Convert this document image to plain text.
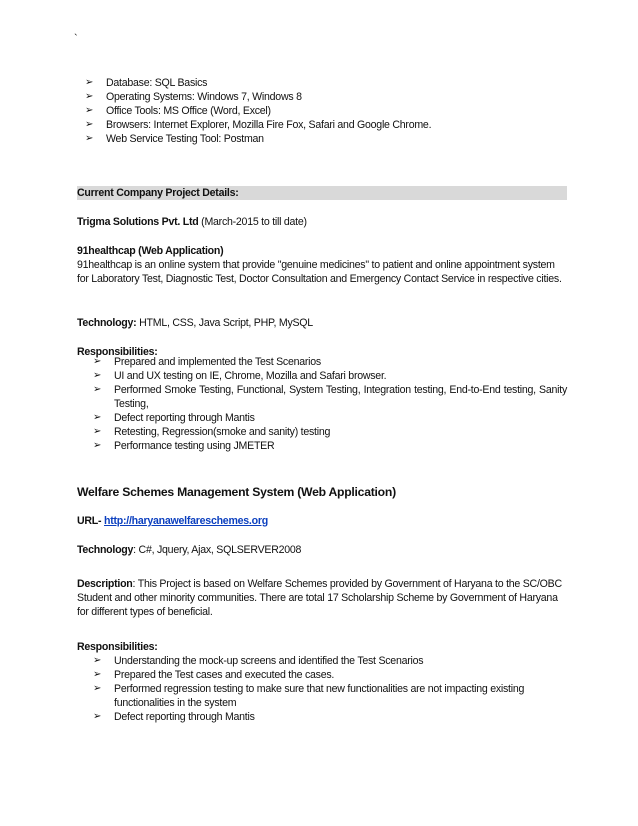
`
➢ Database: SQL Basics
➢ Operating Systems: Windows 7, Windows 8
➢ Office Tools: MS Office (Word, Excel)
➢ Browsers: Internet Explorer, Mozilla Fire Fox, Safari and Google Chrome.
➢ Web Service Testing Tool: Postman
Current Company Project Details:
Trigma Solutions Pvt. Ltd (March-2015 to till date)
91healthcap (Web Application)
91healthcap is an online system that provide "genuine medicines" to patient and online appointment system for Laboratory Test, Diagnostic Test, Doctor Consultation and Emergency Contact Service in respective cities.
Technology: HTML, CSS, Java Script, PHP, MySQL
Responsibilities:
➢ Prepared and implemented the Test Scenarios
➢ UI and UX testing on IE, Chrome, Mozilla and Safari browser.
➢ Performed Smoke Testing, Functional, System Testing, Integration testing, End-to-End testing, Sanity Testing,
➢ Defect reporting through Mantis
➢ Retesting, Regression(smoke and sanity) testing
➢ Performance testing using JMETER
Welfare Schemes Management System (Web Application)
URL- http://haryanawelfareschemes.org
Technology: C#, Jquery, Ajax, SQLSERVER2008
Description: This Project is based on Welfare Schemes provided by Government of Haryana to the SC/OBC Student and other minority communities. There are total 17 Scholarship Scheme by Government of Haryana for different types of beneficial.
Responsibilities:
➢ Understanding the mock-up screens and identified the Test Scenarios
➢ Prepared the Test cases and executed the cases.
➢ Performed regression testing to make sure that new functionalities are not impacting existing functionalities in the system
➢ Defect reporting through Mantis
